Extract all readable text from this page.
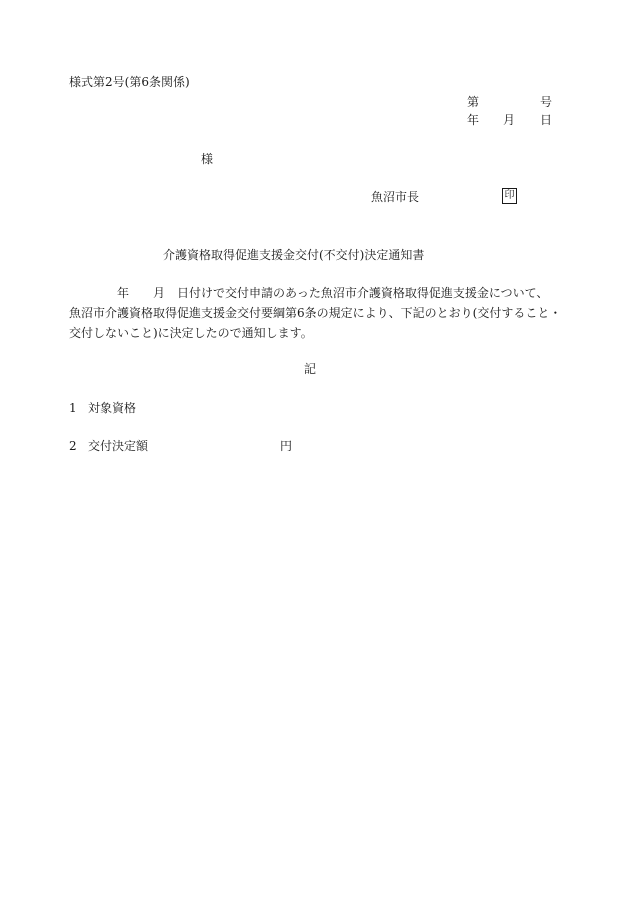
様式第2号(第6条関係)
第	号
年 月 日
様
魚沼市長	印
介護資格取得促進支援金交付(不交付)決定通知書
年 月 日付けで交付申請のあった魚沼市介護資格取得促進支援金について、
魚沼市介護資格取得促進支援金交付要綱第6条の規定により、下記のとおり(交付すること・
交付しないこと)に決定したので通知します。
記
1 対象資格
2 交付決定額	円
